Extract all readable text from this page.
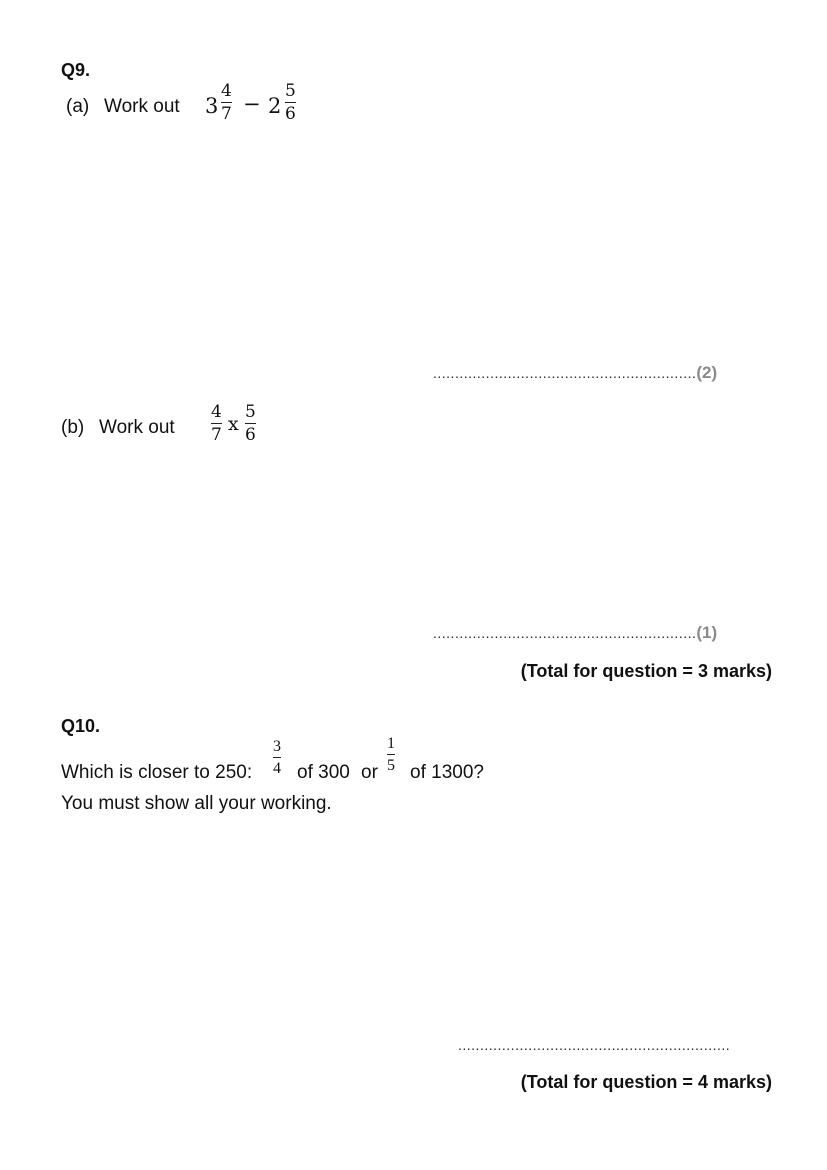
Q9.
(a) Work out 3
4
7 − 2
5
6
............................................................(2)
(b) Work out
4
7 x
5
6
............................................................(1)
(Total for question = 3 marks)
Q10.
Which is closer to 250:
3
4 of 300 or
1
5 of 1300?
You must show all your working.
..............................................................
(Total for question = 4 marks)
